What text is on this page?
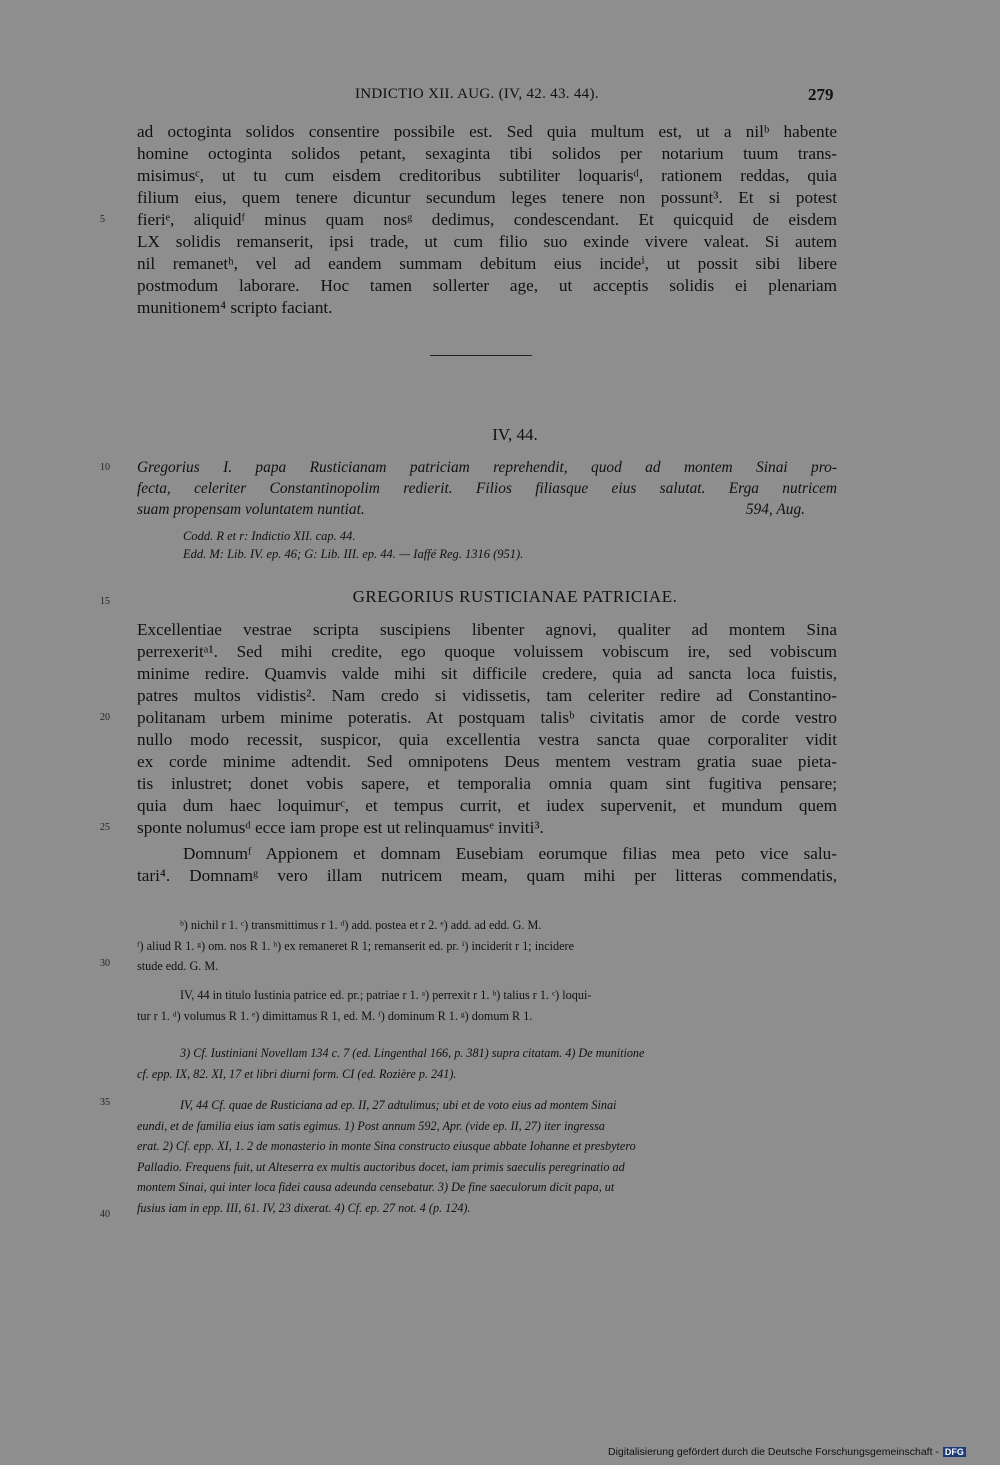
INDICTIO XII. AUG. (IV, 42. 43. 44).	279
ad octoginta solidos consentire possibile est. Sed quia multum est, ut a nilᵇ habente
homine octoginta solidos petant, sexaginta tibi solidos per notarium tuum trans-
misimusᶜ, ut tu cum eisdem creditoribus subtiliter loquarisᵈ, rationem reddas, quia
filium eius, quem tenere dicuntur secundum leges tenere non possunt³. Et si potest
fieriᵉ, aliquidᶠ minus quam nosᵍ dedimus, condescendant. Et quicquid de eisdem
LX solidis remanserit, ipsi trade, ut cum filio suo exinde vivere valeat. Si autem
nil remanetʰ, vel ad eandem summam debitum eius incideⁱ, ut possit sibi libere
postmodum laborare. Hoc tamen sollerter age, ut acceptis solidis ei plenariam
munitionem⁴ scripto faciant.
5
10
15
20
25
30
35
40
IV, 44.
Gregorius I. papa Rusticianam patriciam reprehendit, quod ad montem Sinai pro-
fecta, celeriter Constantinopolim redierit. Filios filiasque eius salutat. Erga nutricem
suam propensam voluntatem nuntiat.	594, Aug.
Codd. R et r: Indictio XII. cap. 44.
Edd. M: Lib. IV. ep. 46; G: Lib. III. ep. 44. — Iaffé Reg. 1316 (951).
GREGORIUS RUSTICIANAE PATRICIAE.
Excellentiae vestrae scripta suscipiens libenter agnovi, qualiter ad montem Sina
perrexeritᵃ¹. Sed mihi credite, ego quoque voluissem vobiscum ire, sed vobiscum
minime redire. Quamvis valde mihi sit difficile credere, quia ad sancta loca fuistis,
patres multos vidistis². Nam credo si vidissetis, tam celeriter redire ad Constantino-
politanam urbem minime poteratis. At postquam talisᵇ civitatis amor de corde vestro
nullo modo recessit, suspicor, quia excellentia vestra sancta quae corporaliter vidit
ex corde minime adtendit. Sed omnipotens Deus mentem vestram gratia suae pieta-
tis inlustret; donet vobis sapere, et temporalia omnia quam sint fugitiva pensare;
quia dum haec loquimurᶜ, et tempus currit, et iudex supervenit, et mundum quem
sponte nolumusᵈ ecce iam prope est ut relinquamusᵉ inviti³.
Domnumᶠ Appionem et domnam Eusebiam eorumque filias mea peto vice salu-
tari⁴. Domnamᵍ vero illam nutricem meam, quam mihi per litteras commendatis,
ᵇ) nichil r 1. ᶜ) transmittimus r 1. ᵈ) add. postea et r 2. ᵉ) add. ad edd. G. M.
ᶠ) aliud R 1. ᵍ) om. nos R 1. ʰ) ex remaneret R 1; remanserit ed. pr. ⁱ) inciderit r 1; incidere
stude edd. G. M.
IV, 44 in titulo Iustinia patrice ed. pr.; patriae r 1. ᵃ) perrexit r 1. ᵇ) talius r 1. ᶜ) loqui-
tur r 1. ᵈ) volumus R 1. ᵉ) dimittamus R 1, ed. M. ᶠ) dominum R 1. ᵍ) domum R 1.
3) Cf. Iustiniani Novellam 134 c. 7 (ed. Lingenthal 166, p. 381) supra citatam. 4) De munitione
cf. epp. IX, 82. XI, 17 et libri diurni form. CI (ed. Rozière p. 241).
IV, 44 Cf. quae de Rusticiana ad ep. II, 27 adtulimus; ubi et de voto eius ad montem Sinai
eundi, et de familia eius iam satis egimus. 1) Post annum 592, Apr. (vide ep. II, 27) iter ingressa
erat. 2) Cf. epp. XI, 1. 2 de monasterio in monte Sina constructo eiusque abbate Iohanne et presbytero
Palladio. Frequens fuit, ut Alteserra ex multis auctoribus docet, iam primis saeculis peregrinatio ad
montem Sinai, qui inter loca fidei causa adeunda censebatur. 3) De fine saeculorum dicit papa, ut
fusius iam in epp. III, 61. IV, 23 dixerat. 4) Cf. ep. 27 not. 4 (p. 124).
Digitalisierung gefördert durch die Deutsche Forschungsgemeinschaft - DFG
